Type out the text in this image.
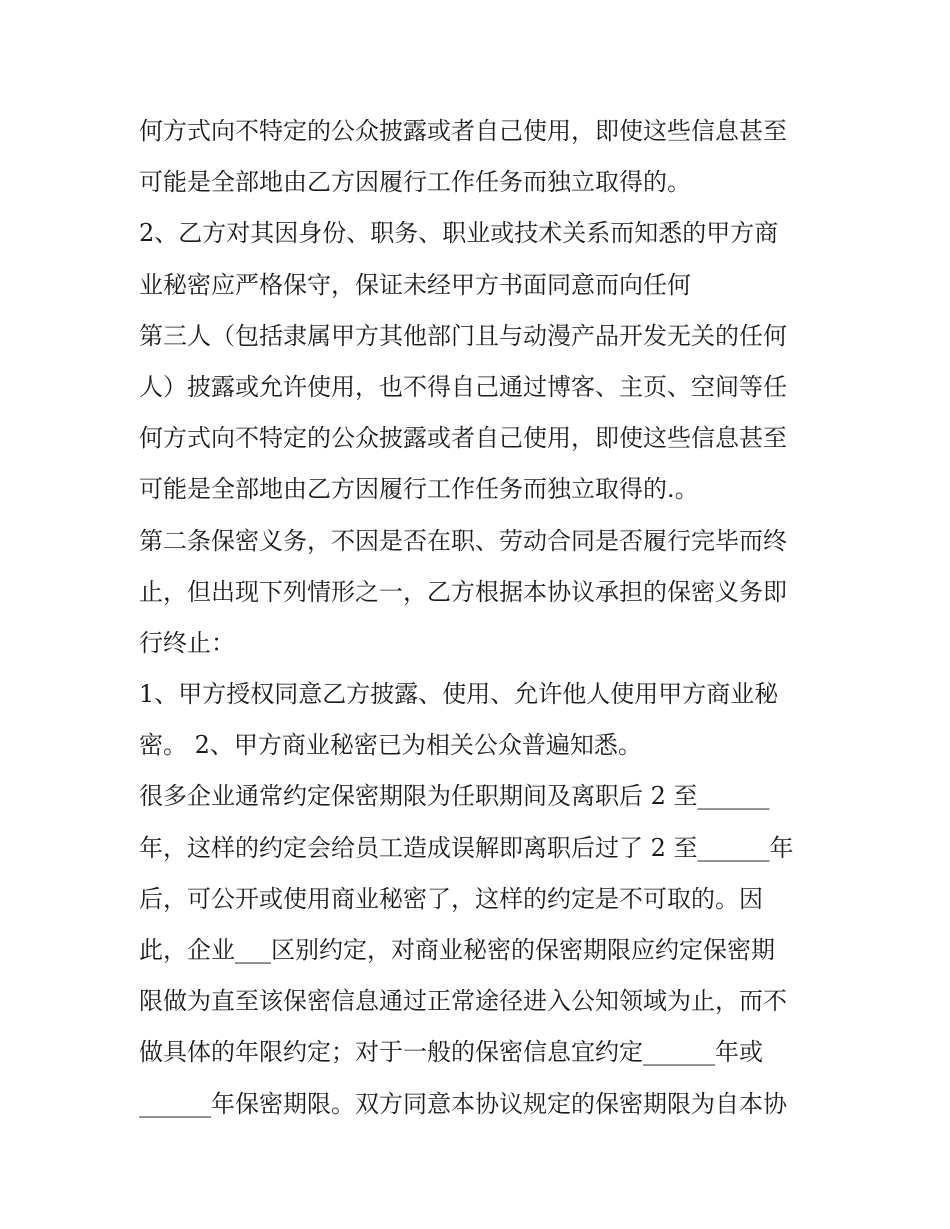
何方式向不特定的公众披露或者自己使用，即使这些信息甚至
可能是全部地由乙方因履行工作任务而独立取得的。
2、乙方对其因身份、职务、职业或技术关系而知悉的甲方商
业秘密应严格保守，保证未经甲方书面同意而向任何
第三人（包括隶属甲方其他部门且与动漫产品开发无关的任何
人）披露或允许使用，也不得自己通过博客、主页、空间等任
何方式向不特定的公众披露或者自己使用，即使这些信息甚至
可能是全部地由乙方因履行工作任务而独立取得的.。
第二条保密义务，不因是否在职、劳动合同是否履行完毕而终
止，但出现下列情形之一，乙方根据本协议承担的保密义务即
行终止：
1、甲方授权同意乙方披露、使用、允许他人使用甲方商业秘
密。 2、甲方商业秘密已为相关公众普遍知悉。
很多企业通常约定保密期限为任职期间及离职后 2 至______
年，这样的约定会给员工造成误解即离职后过了 2 至______年
后，可公开或使用商业秘密了，这样的约定是不可取的。因
此，企业___区别约定，对商业秘密的保密期限应约定保密期
限做为直至该保密信息通过正常途径进入公知领域为止，而不
做具体的年限约定；对于一般的保密信息宜约定______年或
______年保密期限。双方同意本协议规定的保密期限为自本协
